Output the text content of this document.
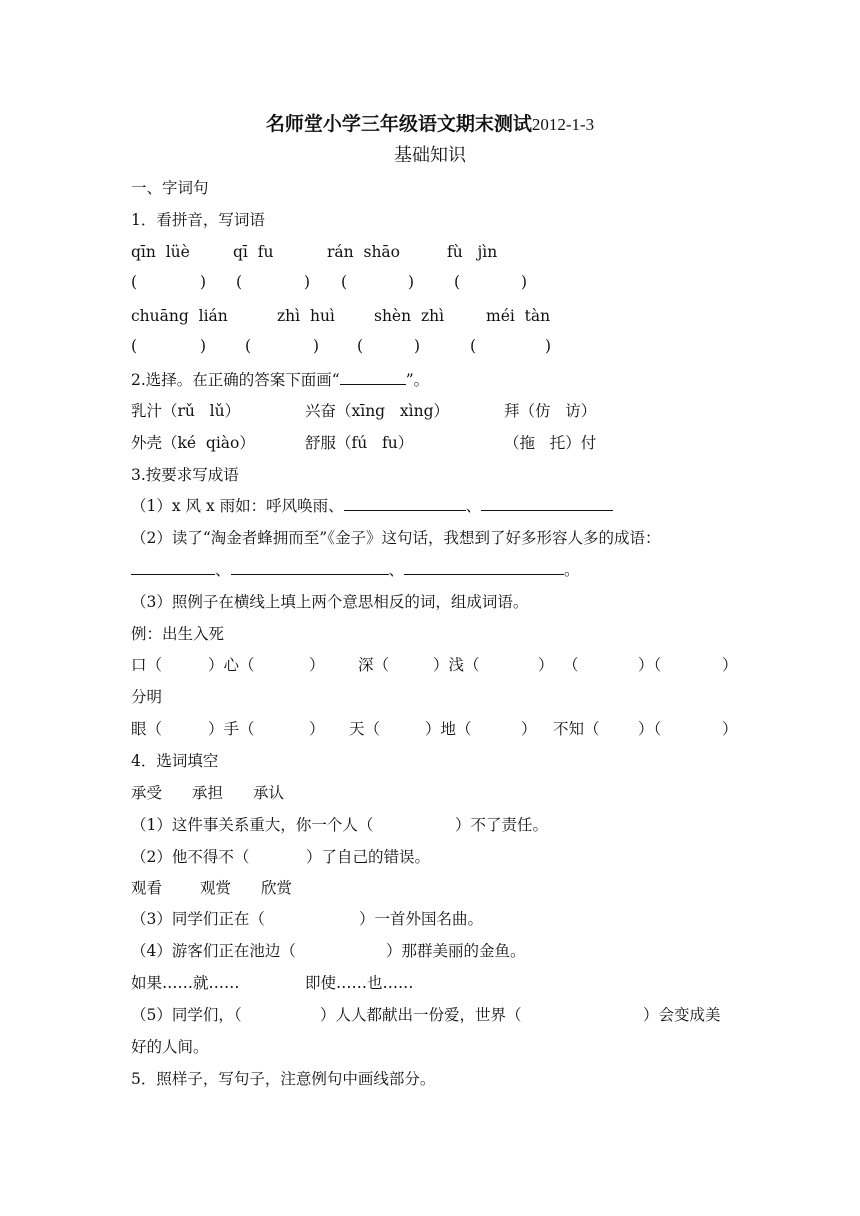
名师堂小学三年级语文期末测试2012-1-3
基础知识
一、字词句
1．看拼音，写词语
qīn  lüè	qī  fu	rán  shāo	fù   jìn
(	) (	) (	)	(	)
chuāng  lián	zhì  huì	shèn  zhì	méi  tàn
(	)	(	) (	)	(	)
2.选择。在正确的答案下面画“	”。
乳汁（rǔ   lǔ）	兴奋（xīng   xìng）	拜（仿   访）
外壳（ké  qiào）	舒服（fú   fu）	（拖   托）付
3.按要求写成语
（1）x 风 x 雨如：呼风唤雨、	、
（2）读了“淘金者蜂拥而至”《金子》这句话，我想到了好多形容人多的成语：
、	、	。
（3）照例子在横线上填上两个意思相反的词，组成词语。
例：出生入死
口（	）心（	） 深（	）浅（	） （	）（	）
分明
眼（	）手（	） 天（	）地（	） 不知（ ）（	）
4．选词填空
承受 承担 承认
（1）这件事关系重大，你一个人（	）不了责任。
（2）他不得不（	）了自己的错误。
观看 观赏 欣赏
（3）同学们正在（	）一首外国名曲。
（4）游客们正在池边（	）那群美丽的金鱼。
如果……就……	即使……也……
（5）同学们，（	）人人都献出一份爱，世界（	）会变成美
好的人间。
5．照样子，写句子，注意例句中画线部分。
